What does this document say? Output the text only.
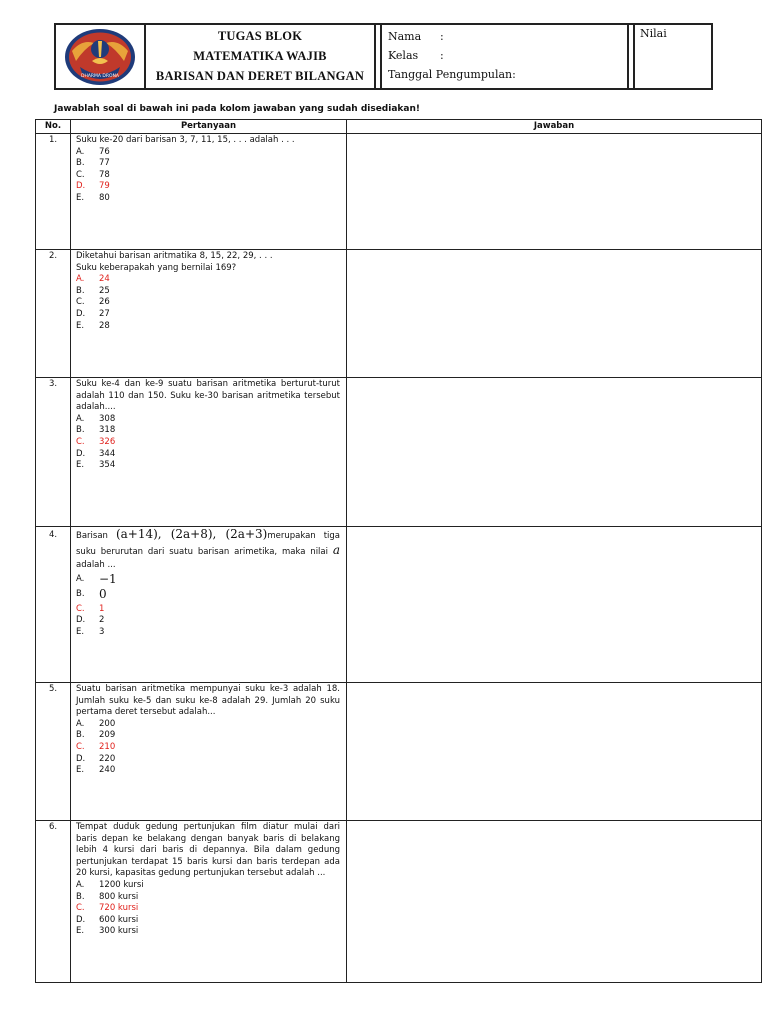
DHARMA DRONA
TUGAS BLOK
MATEMATIKA WAJIB
BARISAN DAN DERET BILANGAN
Nama :
Kelas :
Tanggal Pengumpulan:
Nilai
Jawablah soal di bawah ini pada kolom jawaban yang sudah disediakan!
No.	Pertanyaan	Jawaban
1.	Suku ke-20 dari barisan 3, 7, 11, 15, . . . adalah . . .

A.	76
B.	77
C.	78
D.	79
E.	80
2.	Diketahui barisan aritmatika 8, 15, 22, 29, . . .

Suku keberapakah yang bernilai 169?

A.	24
B.	25
C.	26
D.	27
E.	28
3.	Suku ke-4 dan ke-9 suatu barisan aritmetika berturut-turut adalah 110 dan 150. Suku ke-30 barisan aritmetika tersebut adalah....

A.	308
B.	318
C.	326
D.	344
E.	354
4.	Barisan (a+14), (2a+8), (2a+3)merupakan tiga suku berurutan dari suatu barisan arimetika, maka nilai a adalah ...

A.	−1
B.	0
C.	1
D.	2
E.	3
5.	Suatu barisan aritmetika mempunyai suku ke-3 adalah 18. Jumlah suku ke-5 dan suku ke-8 adalah 29. Jumlah 20 suku pertama deret tersebut adalah...

A.	200
B.	209
C.	210
D.	220
E.	240
6.	Tempat duduk gedung pertunjukan film diatur mulai dari baris depan ke belakang dengan banyak baris di belakang lebih 4 kursi dari baris di depannya. Bila dalam gedung pertunjukan terdapat 15 baris kursi dan baris terdepan ada 20 kursi, kapasitas gedung pertunjukan tersebut adalah ...

A.	1200 kursi
B.	800 kursi
C.	720 kursi
D.	600 kursi
E.	300 kursi
